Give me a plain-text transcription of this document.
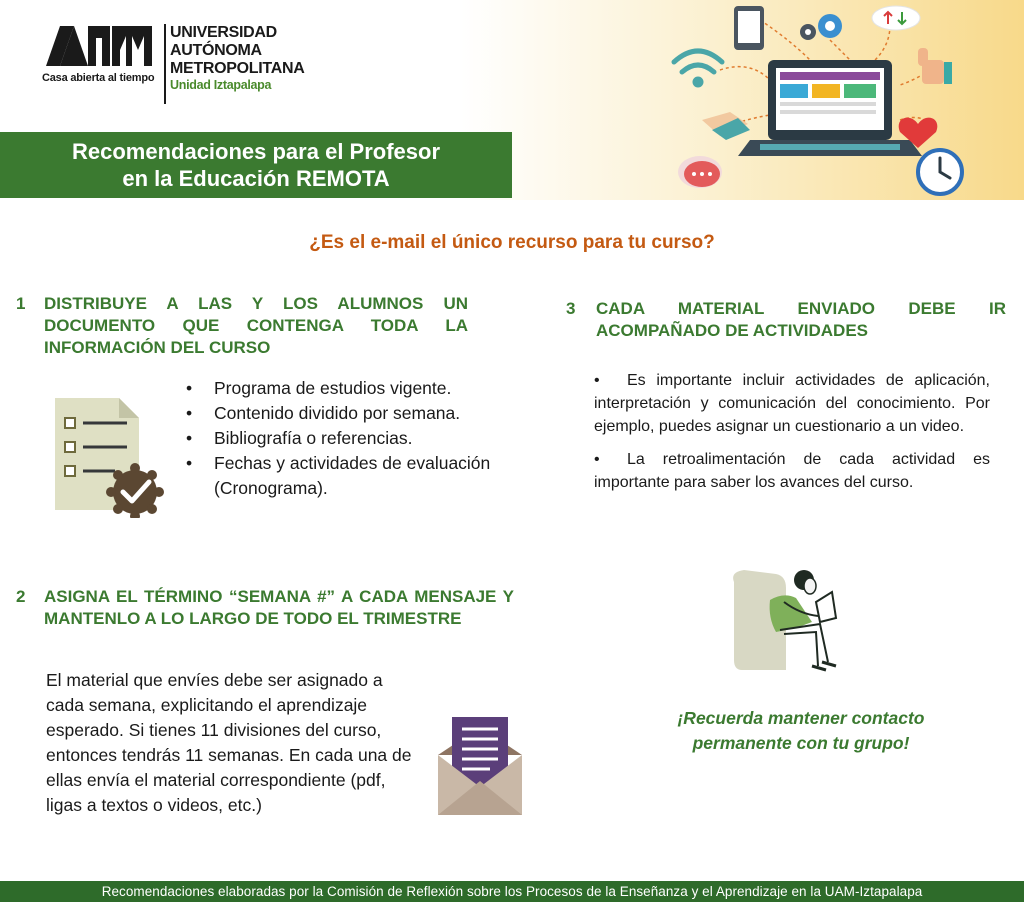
Casa abierta al tiempo
UNIVERSIDAD
AUTÓNOMA
METROPOLITANA
Unidad Iztapalapa
Recomendaciones para el Profesor
en la Educación REMOTA
¿Es el e-mail el único recurso para tu curso?
1 DISTRIBUYE A LAS Y LOS ALUMNOS UN DOCUMENTO QUE CONTENGA TODA LA INFORMACIÓN DEL CURSO
• Programa de estudios vigente.
• Contenido dividido por semana.
• Bibliografía o referencias.
• Fechas y actividades de evaluación (Cronograma).
2 ASIGNA EL TÉRMINO “SEMANA #” A CADA MENSAJE Y MANTENLO A LO LARGO DE TODO EL TRIMESTRE
El material que envíes debe ser asignado a cada semana, explicitando el aprendizaje esperado. Si tienes 11 divisiones del curso, entonces tendrás 11 semanas. En cada una de ellas envía el material correspondiente (pdf, ligas a textos o videos, etc.)
3 CADA MATERIAL ENVIADO DEBE IR ACOMPAÑADO DE ACTIVIDADES

• Es importante incluir actividades de aplicación, interpretación y comunicación del conocimiento. Por ejemplo, puedes asignar un cuestionario a un video.

• La retroalimentación de cada actividad es importante para saber los avances del curso.

¡Recuerda mantener contacto permanente con tu grupo!
Recomendaciones elaboradas por la Comisión de Reflexión sobre los Procesos de la Enseñanza y el Aprendizaje en la UAM-Iztapalapa
